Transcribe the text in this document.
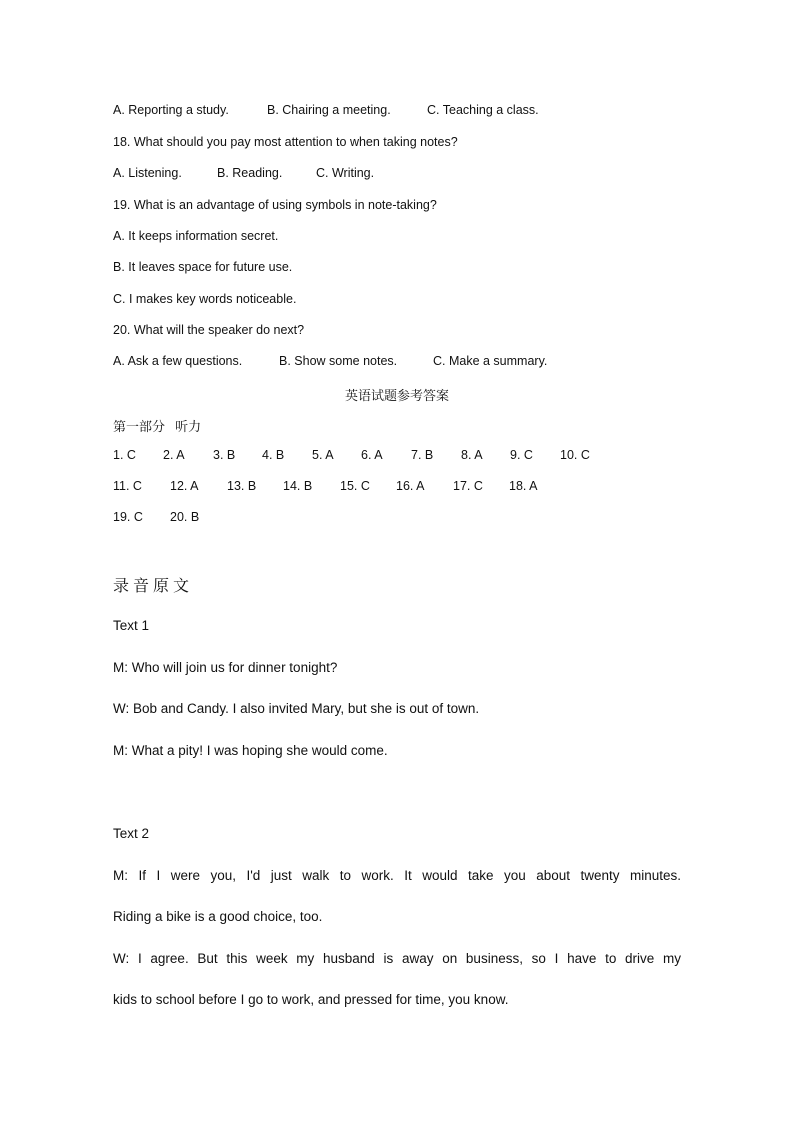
A. Reporting a study.	B. Chairing a meeting.	C. Teaching a class.
18. What should you pay most attention to when taking notes?
A. Listening.	B. Reading.	C. Writing.
19. What is an advantage of using symbols in note-taking?
A. It keeps information secret.
B. It leaves space for future use.
C. I makes key words noticeable.
20. What will the speaker do next?
A. Ask a few questions.	B. Show some notes.	C. Make a summary.
英语试题参考答案
第一部分 听力
1. C 2. A 3. B 4. B 5. A 6. A 7. B 8. A 9. C 10. C
11. C 12. A 13. B 14. B 15. C 16. A 17. C 18. A
19. C 20. B
录音原文
Text 1
M: Who will join us for dinner tonight?
W: Bob and Candy. I also invited Mary, but she is out of town.
M: What a pity! I was hoping she would come.
Text 2
M: If I were you, I'd just walk to work. It would take you about twenty minutes.
Riding a bike is a good choice, too.
W: I agree. But this week my husband is away on business, so I have to drive my
kids to school before I go to work, and pressed for time, you know.
